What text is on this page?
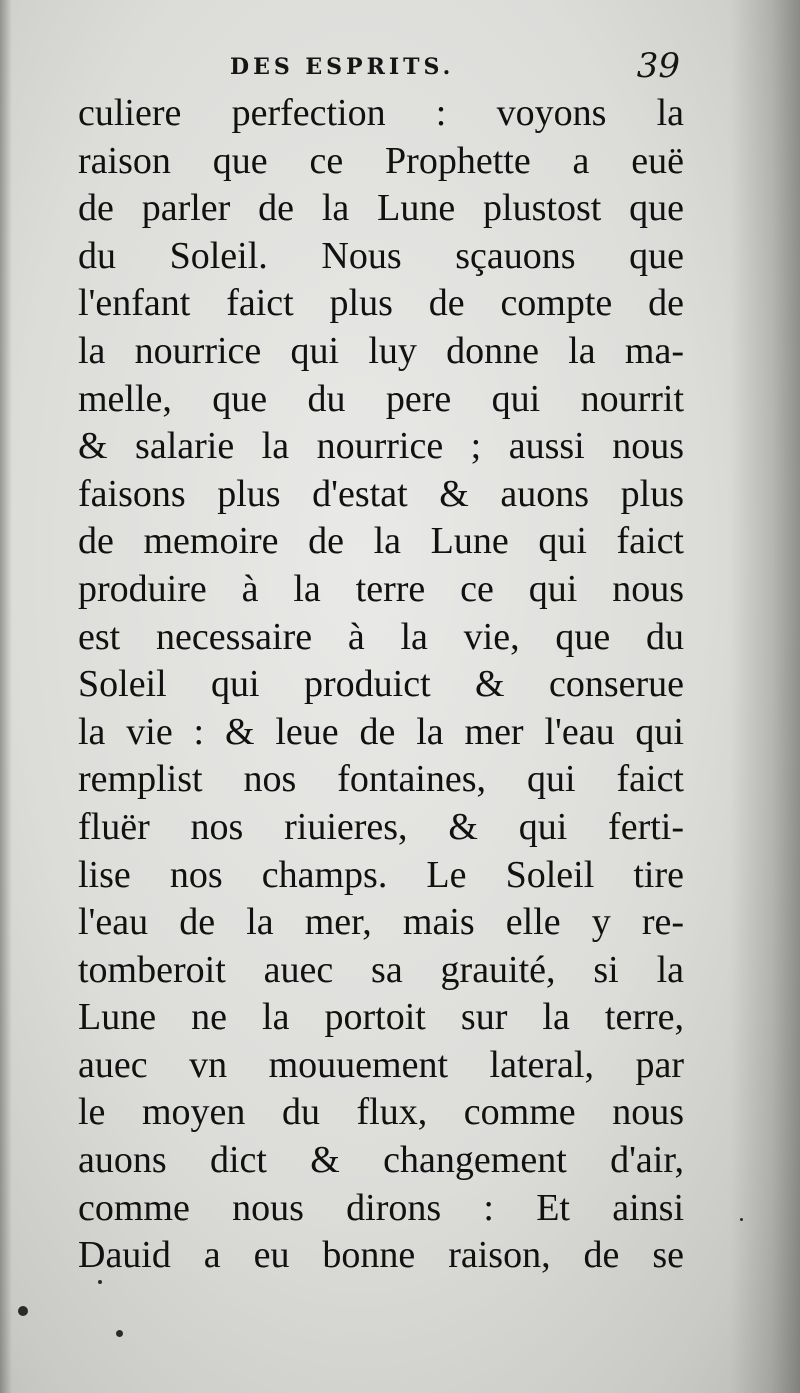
DES ESPRITS.	39
culiere perfection : voyons la
raison que ce Prophette a euë
de parler de la Lune plustost que
du Soleil. Nous sçauons que
l'enfant faict plus de compte de
la nourrice qui luy donne la ma-
melle, que du pere qui nourrit
& salarie la nourrice ; aussi nous
faisons plus d'estat & auons plus
de memoire de la Lune qui faict
produire à la terre ce qui nous
est necessaire à la vie, que du
Soleil qui produict & conserue
la vie : & leue de la mer l'eau qui
remplist nos fontaines, qui faict
fluër nos riuieres, & qui ferti-
lise nos champs. Le Soleil tire
l'eau de la mer, mais elle y re-
tomberoit auec sa grauité, si la
Lune ne la portoit sur la terre,
auec vn mouuement lateral, par
le moyen du flux, comme nous
auons dict & changement d'air,
comme nous dirons : Et ainsi
Dauid a eu bonne raison, de se
